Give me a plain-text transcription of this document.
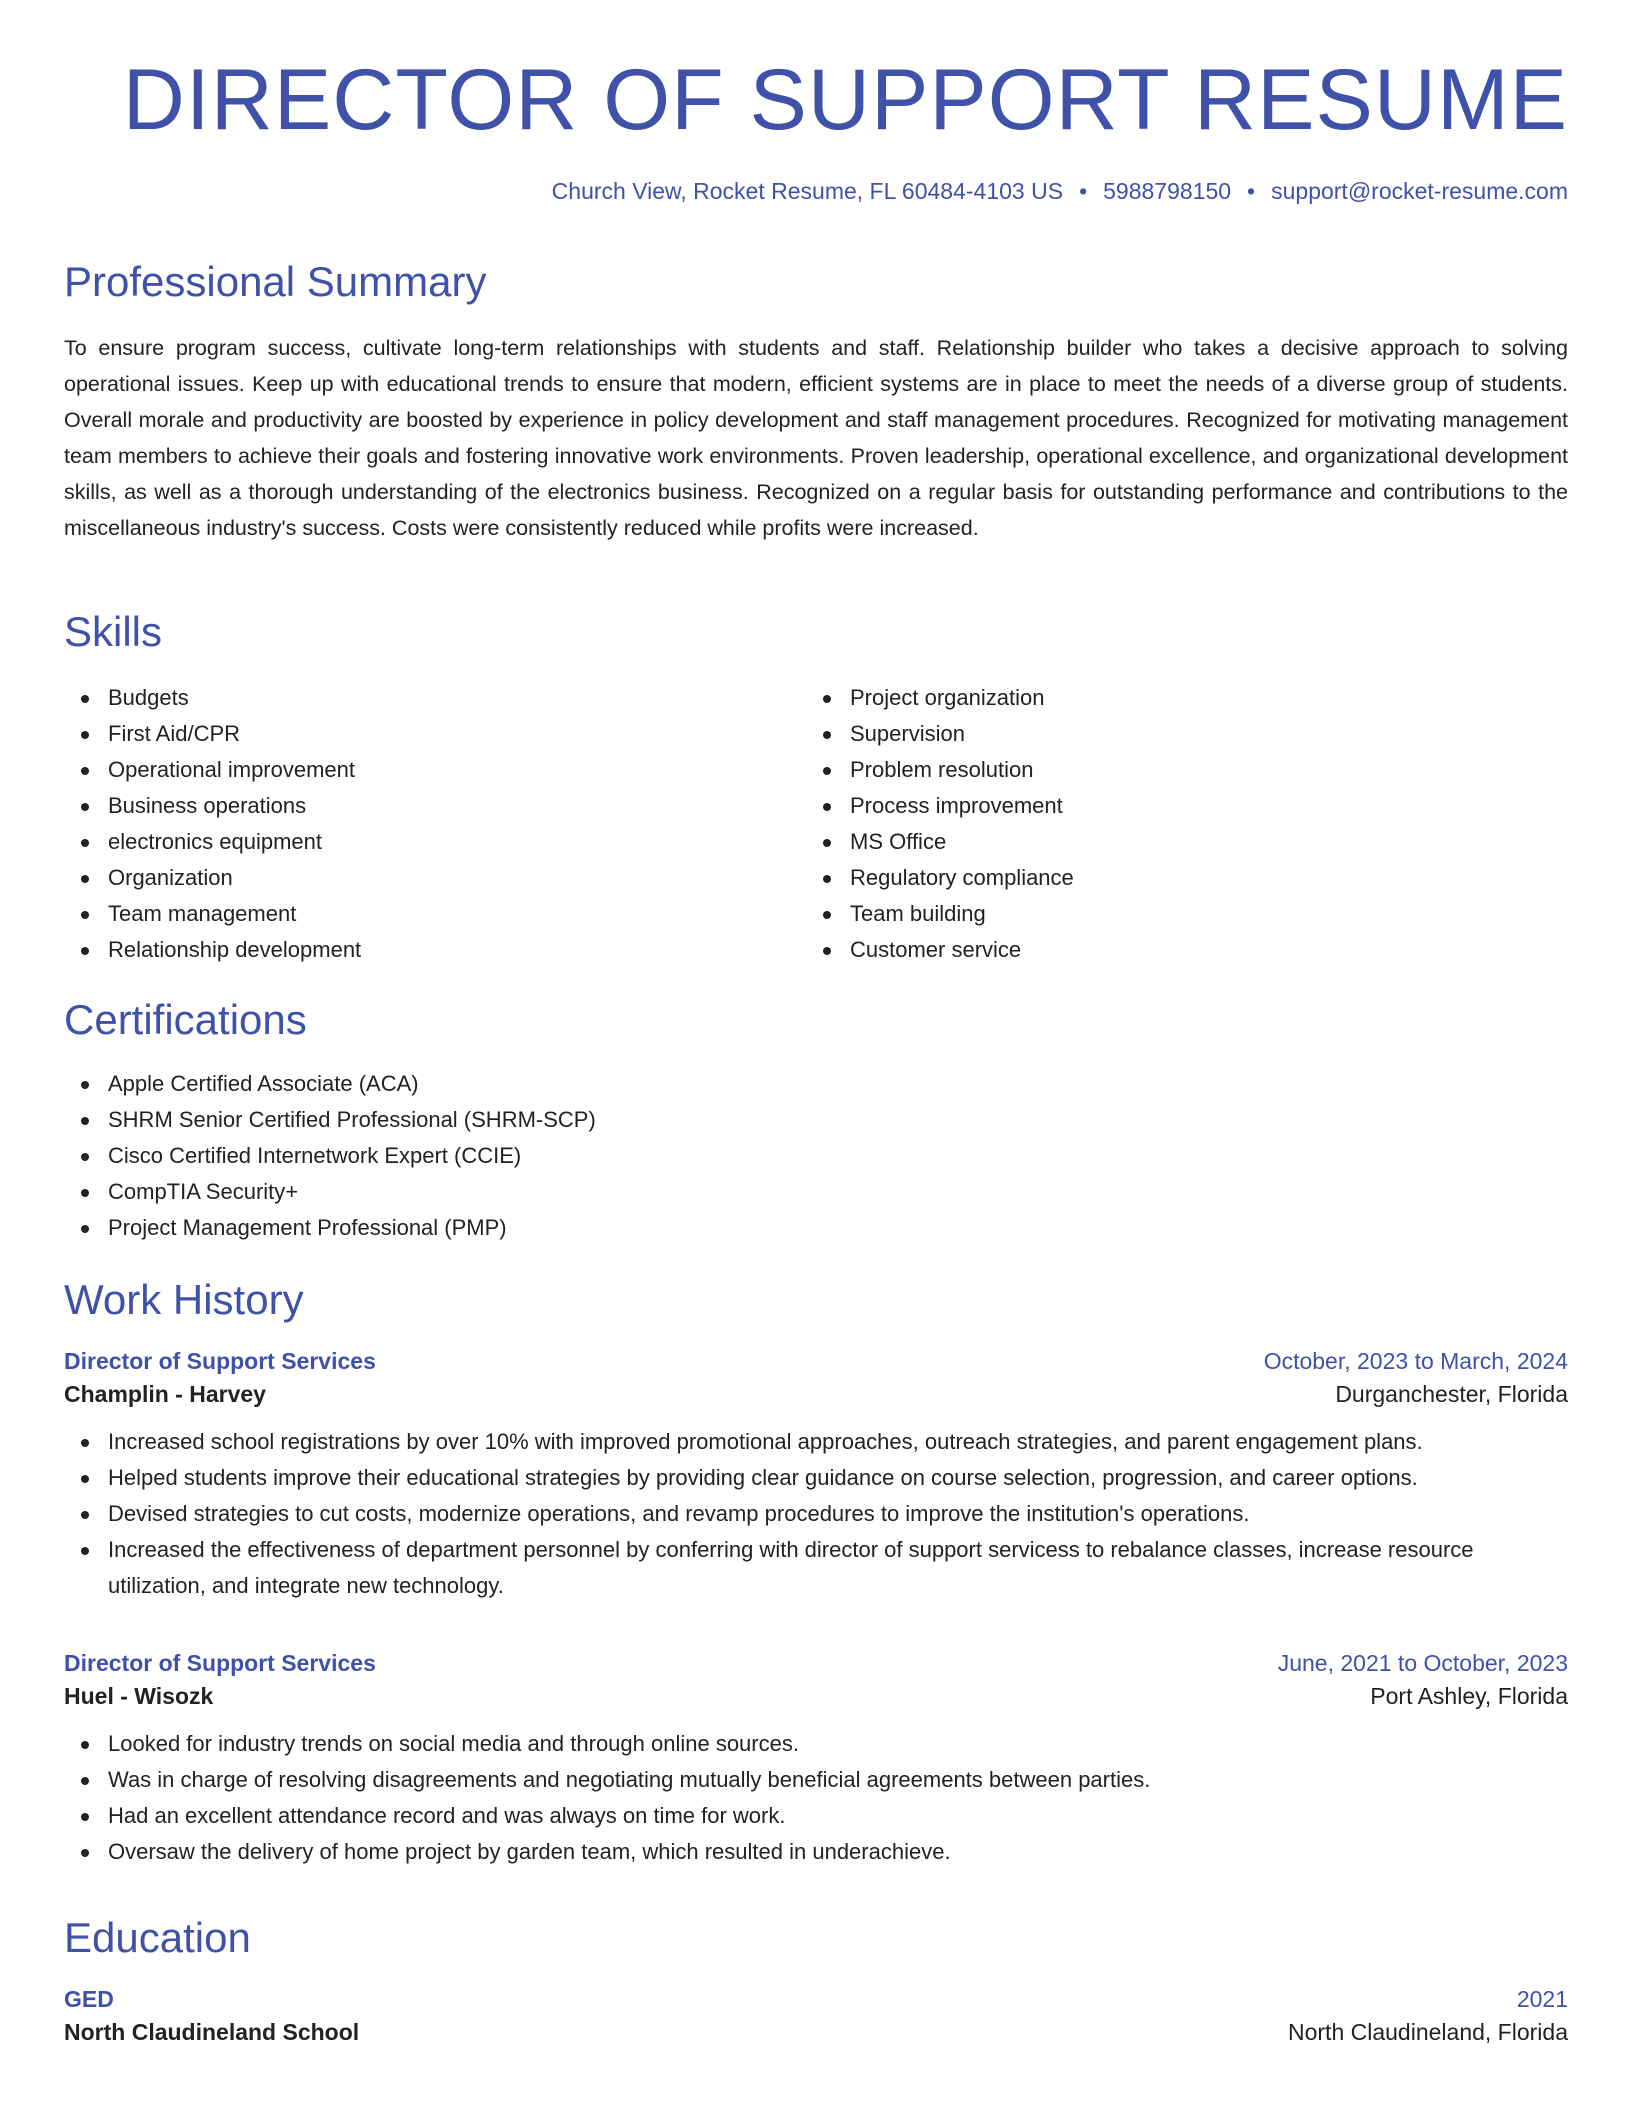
DIRECTOR OF SUPPORT RESUME
Church View, Rocket Resume, FL 60484-4103 US • 5988798150 • support@rocket-resume.com
Professional Summary

To ensure program success, cultivate long-term relationships with students and staff. Relationship builder who takes a decisive approach to solving operational issues. Keep up with educational trends to ensure that modern, efficient systems are in place to meet the needs of a diverse group of students. Overall morale and productivity are boosted by experience in policy development and staff management procedures. Recognized for motivating management team members to achieve their goals and fostering innovative work environments. Proven leadership, operational excellence, and organizational development skills, as well as a thorough understanding of the electronics business. Recognized on a regular basis for outstanding performance and contributions to the miscellaneous industry's success. Costs were consistently reduced while profits were increased.

Skills
Budgets
First Aid/CPR
Operational improvement
Business operations
electronics equipment
Organization
Team management
Relationship development
Project organization
Supervision
Problem resolution
Process improvement
MS Office
Regulatory compliance
Team building
Customer service
Certifications
Apple Certified Associate (ACA)
SHRM Senior Certified Professional (SHRM-SCP)
Cisco Certified Internetwork Expert (CCIE)
CompTIA Security+
Project Management Professional (PMP)
Work History
Director of Support Services	October, 2023 to March, 2024
Champlin - Harvey	Durganchester, Florida
Increased school registrations by over 10% with improved promotional approaches, outreach strategies, and parent engagement plans.
Helped students improve their educational strategies by providing clear guidance on course selection, progression, and career options.
Devised strategies to cut costs, modernize operations, and revamp procedures to improve the institution's operations.
Increased the effectiveness of department personnel by conferring with director of support servicess to rebalance classes, increase resource utilization, and integrate new technology.
Director of Support Services	June, 2021 to October, 2023
Huel - Wisozk	Port Ashley, Florida
Looked for industry trends on social media and through online sources.
Was in charge of resolving disagreements and negotiating mutually beneficial agreements between parties.
Had an excellent attendance record and was always on time for work.
Oversaw the delivery of home project by garden team, which resulted in underachieve.
Education
GED	2021
North Claudineland School	North Claudineland, Florida
